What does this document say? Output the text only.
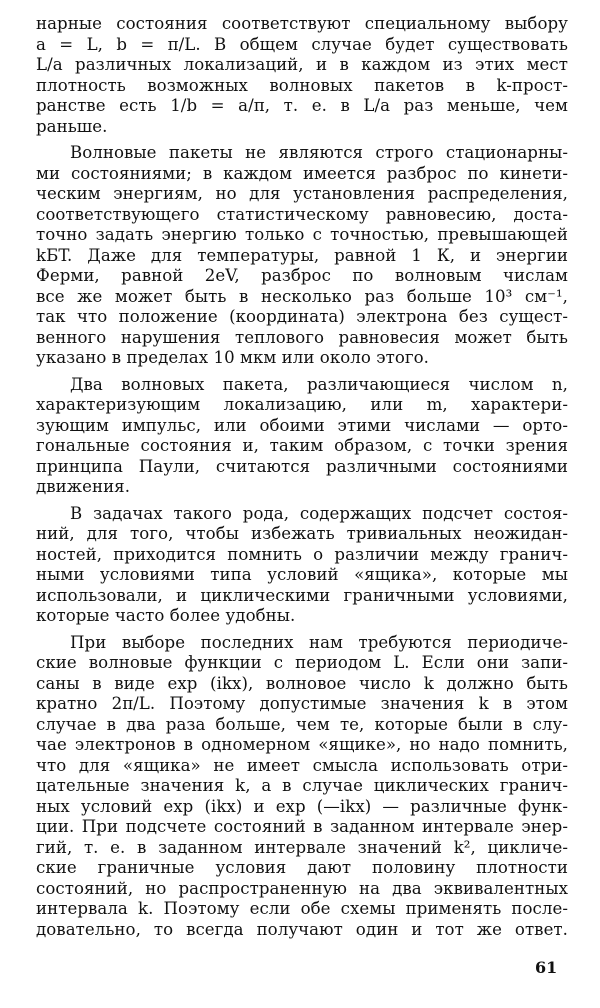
нарные состояния соответствуют специальному выбору

a = L, b = π/L. В общем случае будет существовать

L/a различных локализаций, и в каждом из этих мест

плотность возможных волновых пакетов в k-прост-

ранстве есть 1/b = a/π, т. е. в L/a раз меньше, чем

раньше.

Волновые пакеты не являются строго стационарны-

ми состояниями; в каждом имеется разброс по кинети-

ческим энергиям, но для установления распределения,

соответствующего статистическому равновесию, доста-

точно задать энергию только с точностью, превышающей

kБT. Даже для температуры, равной 1 К, и энергии

Ферми, равной 2eV, разброс по волновым числам

все же может быть в несколько раз больше 10³ см⁻¹,

так что положение (координата) электрона без сущест-

венного нарушения теплового равновесия может быть

указано в пределах 10 мкм или около этого.

Два волновых пакета, различающиеся числом n,

характеризующим локализацию, или m, характери-

зующим импульс, или обоими этими числами — орто-

гональные состояния и, таким образом, с точки зрения

принципа Паули, считаются различными состояниями

движения.

В задачах такого рода, содержащих подсчет состоя-

ний, для того, чтобы избежать тривиальных неожидан-

ностей, приходится помнить о различии между гранич-

ными условиями типа условий «ящика», которые мы

использовали, и циклическими граничными условиями,

которые часто более удобны.

При выборе последних нам требуются периодиче-

ские волновые функции с периодом L. Если они запи-

саны в виде exp (ikx), волновое число k должно быть

кратно 2π/L. Поэтому допустимые значения k в этом

случае в два раза больше, чем те, которые были в слу-

чае электронов в одномерном «ящике», но надо помнить,

что для «ящика» не имеет смысла использовать отри-

цательные значения k, а в случае циклических гранич-

ных условий exp (ikx) и exp (—ikx) — различные функ-

ции. При подсчете состояний в заданном интервале энер-

гий, т. е. в заданном интервале значений k², цикличе-

ские граничные условия дают половину плотности

состояний, но распространенную на два эквивалентных

интервала k. Поэтому если обе схемы применять после-

довательно, то всегда получают один и тот же ответ.

61
